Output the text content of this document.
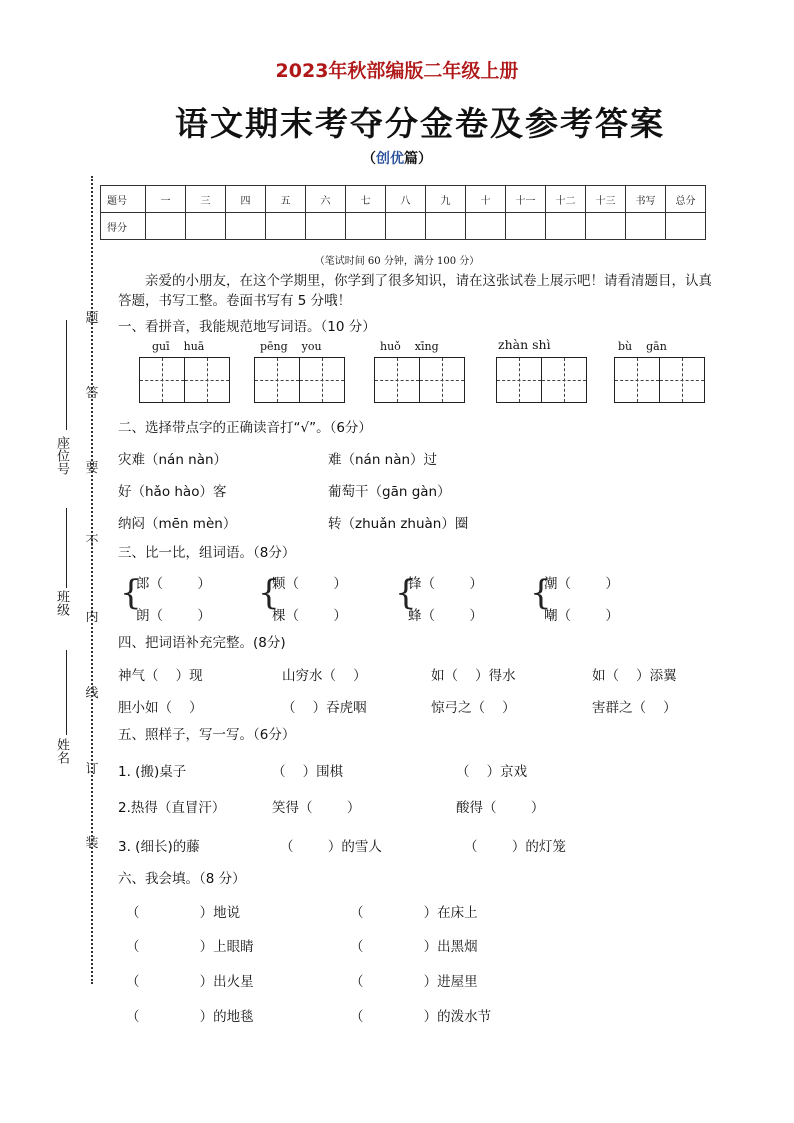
2023年秋部编版二年级上册
语文期末考夺分金卷及参考答案
（创优篇）
题
答
要
不
内
线
订
装
座位号
班级
姓名
题号	一	三	四	五	六	七	八	九	十	十一	十二	十三	书写	总分
得分														
（笔试时间 60 分钟，满分 100 分）
亲爱的小朋友，在这个学期里，你学到了很多知识，请在这张试卷上展示吧！请看清题目，认真答题，书写工整。卷面书写有 5 分哦！
一、看拼音，我能规范地写词语。（10 分）
guī    huā	pēng    you	huǒ    xīng	zhàn shì	bù    gān
二、选择带点字的正确读音打“√”。（6分）
灾难（nán nàn）	难（nán nàn）过
好（hǎo hào）客	葡萄干（gān gàn）
纳闷（mēn mèn）	转（zhuǎn zhuàn）圈
三、比一比，组词语。（8分）
{
郎（        ）
朗（        ）
{
颗（        ）
棵（        ）
{
锋（        ）
蜂（        ）
{
潮（        ）
嘲（        ）
四、把词语补充完整。(8分)
神气（    ）现	山穷水（    ）	如（    ）得水	如（    ）添翼
胆小如（    ）	（    ）吞虎咽	惊弓之（    ）	害群之（    ）
五、照样子，写一写。（6分）
1. (搬)桌子	（    ）围棋	（    ）京戏
2.热得（直冒汗）	笑得（        ）	酸得（        ）
3. (细长)的藤	（        ）的雪人	（        ）的灯笼
六、我会填。（8 分）
（              ）地说	（              ）在床上
（              ）上眼睛	（              ）出黑烟
（              ）出火星	（              ）进屋里
（              ）的地毯	（              ）的泼水节
